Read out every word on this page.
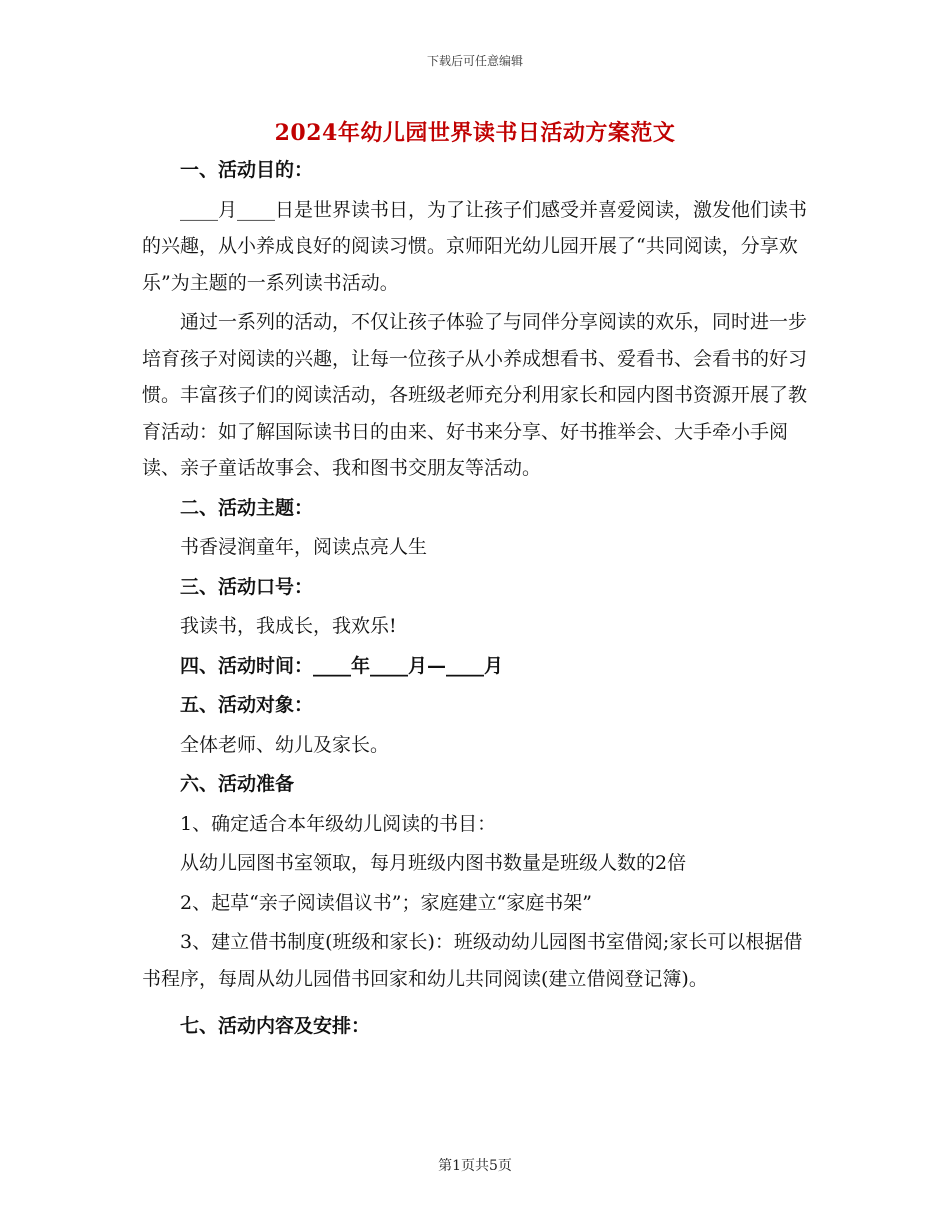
下载后可任意编辑
2024年幼儿园世界读书日活动方案范文
一、活动目的：
____月____日是世界读书日，为了让孩子们感受并喜爱阅读，激发他们读书的兴趣，从小养成良好的阅读习惯。京师阳光幼儿园开展了“共同阅读，分享欢乐”为主题的一系列读书活动。
通过一系列的活动，不仅让孩子体验了与同伴分享阅读的欢乐，同时进一步培育孩子对阅读的兴趣，让每一位孩子从小养成想看书、爱看书、会看书的好习惯。丰富孩子们的阅读活动，各班级老师充分利用家长和园内图书资源开展了教育活动：如了解国际读书日的由来、好书来分享、好书推举会、大手牵小手阅读、亲子童话故事会、我和图书交朋友等活动。
二、活动主题：
书香浸润童年，阅读点亮人生
三、活动口号：
我读书，我成长，我欢乐!
四、活动时间：____年____月—____月
五、活动对象：
全体老师、幼儿及家长。
六、活动准备
1、确定适合本年级幼儿阅读的书目：
从幼儿园图书室领取，每月班级内图书数量是班级人数的2倍
2、起草“亲子阅读倡议书”；家庭建立“家庭书架”
3、建立借书制度(班级和家长)：班级动幼儿园图书室借阅;家长可以根据借书程序，每周从幼儿园借书回家和幼儿共同阅读(建立借阅登记簿)。
七、活动内容及安排：
第1页共5页
